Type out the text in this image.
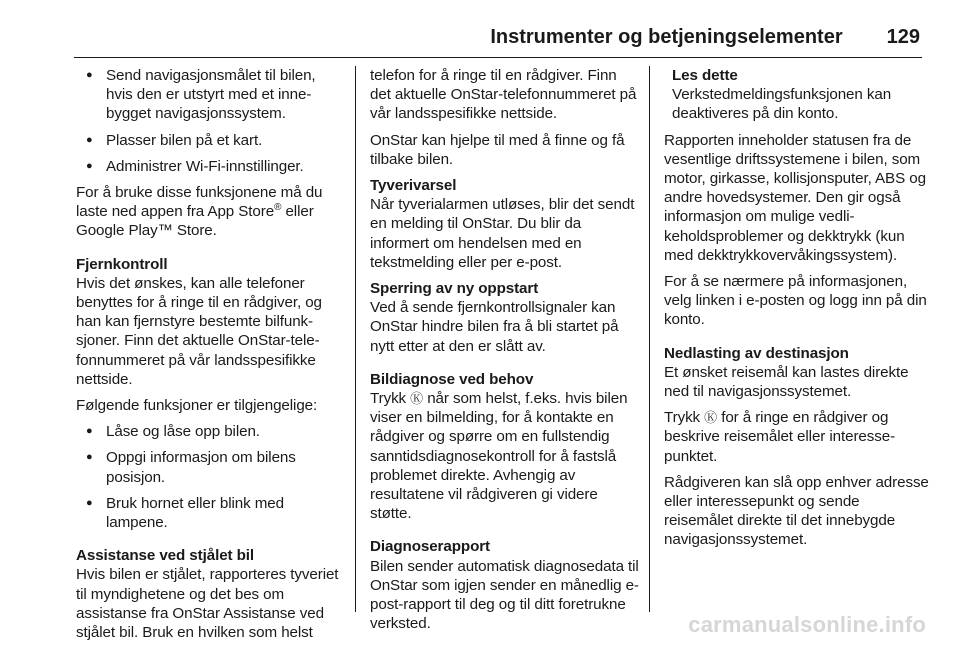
Instrumenter og betjeningselementer 129
● Send navigasjonsmålet til bilen, hvis den er utstyrt med et innebygget navigasjonssystem.
● Plasser bilen på et kart.
● Administrer Wi-Fi-innstillinger.

For å bruke disse funksjonene må du laste ned appen fra App Store® eller Google Play™ Store.

Fjernkontroll

Hvis det ønskes, kan alle telefoner benyttes for å ringe til en rådgiver, og han kan fjernstyre bestemte bilfunksjoner. Finn det aktuelle OnStar-telefonnummeret på vår landsspesifikke nettside.

Følgende funksjoner er tilgjengelige:

● Låse og låse opp bilen.
● Oppgi informasjon om bilens posisjon.
● Bruk hornet eller blink med lampene.
Assistanse ved stjålet bil

Hvis bilen er stjålet, rapporteres tyveriet til myndighetene og det bes om assistanse fra OnStar Assistanse ved stjålet bil. Bruk en hvilken som helst

telefon for å ringe til en rådgiver. Finn det aktuelle OnStar-telefonnummeret på vår landsspesifikke nettside.

OnStar kan hjelpe til med å finne og få tilbake bilen.

Tyverivarsel

Når tyverialarmen utløses, blir det sendt en melding til OnStar. Du blir da informert om hendelsen med en tekstmelding eller per e-post.

Sperring av ny oppstart

Ved å sende fjernkontrollsignaler kan OnStar hindre bilen fra å bli startet på nytt etter at den er slått av.

Bildiagnose ved behov

Trykk Ⓚ når som helst, f.eks. hvis bilen viser en bilmelding, for å kontakte en rådgiver og spørre om en fullstendig sanntidsdiagnosekontroll for å fastslå problemet direkte. Avhengig av resultatene vil rådgiveren gi videre støtte.

Diagnoserapport

Bilen sender automatisk diagnosedata til OnStar som igjen sender en månedlig e-post-rapport til deg og til ditt foretrukne verksted.

Les dette

Verkstedmeldingsfunksjonen kan deaktiveres på din konto.

Rapporten inneholder statusen fra de vesentlige driftssystemene i bilen, som motor, girkasse, kollisjonsputer, ABS og andre hovedsystemer. Den gir også informasjon om mulige vedlikeholdsproblemer og dekktrykk (kun med dekktrykkovervåkingssystem).

For å se nærmere på informasjonen, velg linken i e-posten og logg inn på din konto.

Nedlasting av destinasjon

Et ønsket reisemål kan lastes direkte ned til navigasjonssystemet.

Trykk Ⓚ for å ringe en rådgiver og beskrive reisemålet eller interessepunktet.

Rådgiveren kan slå opp enhver adresse eller interessepunkt og sende reisemålet direkte til det innebygde navigasjonssystemet.

carmanualsonline.info
